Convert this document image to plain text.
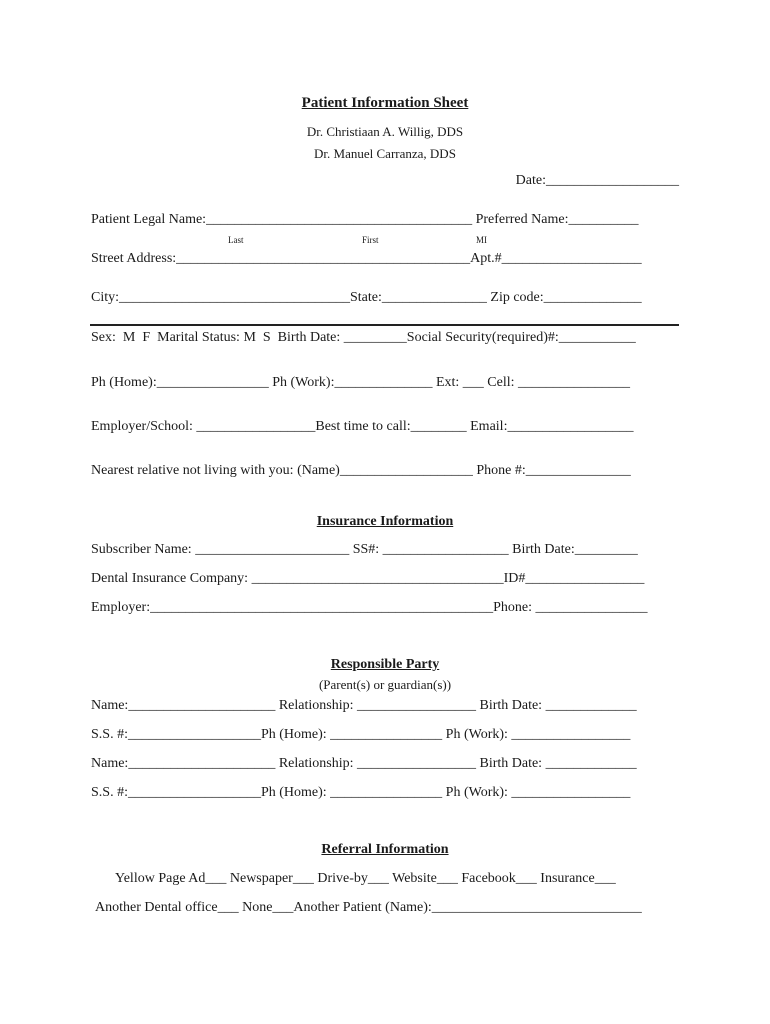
Patient Information Sheet
Dr. Christiaan A. Willig, DDS
Dr. Manuel Carranza, DDS
Date:___________________
Patient Legal Name:______________________________________ Preferred Name:__________
Last	First	MI
Street Address:__________________________________________Apt.#____________________
City:_________________________________State:_______________ Zip code:______________
Sex:  M  F  Marital Status: M  S  Birth Date: _________Social Security(required)#:___________
Ph (Home):________________ Ph (Work):______________ Ext: ___ Cell: ________________
Employer/School: _________________Best time to call:________ Email:__________________
Nearest relative not living with you: (Name)___________________ Phone #:_______________
Insurance Information
Subscriber Name: ______________________ SS#: __________________ Birth Date:_________
Dental Insurance Company: ____________________________________ID#_________________
Employer:_________________________________________________Phone: ________________
Responsible Party
(Parent(s) or guardian(s))
Name:_____________________ Relationship: _________________ Birth Date: _____________
S.S. #:___________________Ph (Home): ________________ Ph (Work): _________________
Name:_____________________ Relationship: _________________ Birth Date: _____________
S.S. #:___________________Ph (Home): ________________ Ph (Work): _________________
Referral Information
Yellow Page Ad___ Newspaper___ Drive-by___ Website___ Facebook___ Insurance___
Another Dental office___ None___Another Patient (Name):______________________________
